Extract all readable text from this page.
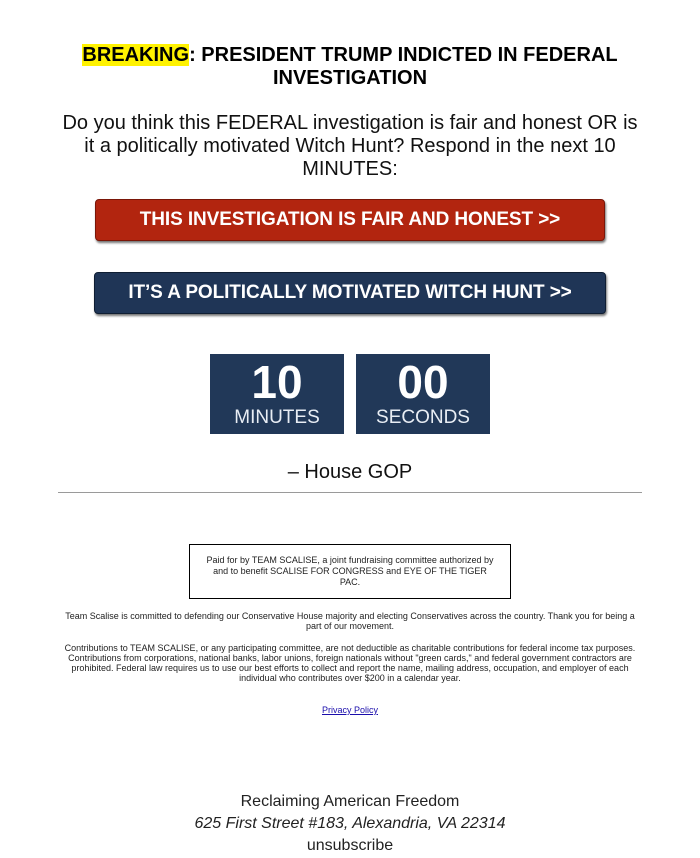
BREAKING: PRESIDENT TRUMP INDICTED IN FEDERAL INVESTIGATION
Do you think this FEDERAL investigation is fair and honest OR is it a politically motivated Witch Hunt? Respond in the next 10 MINUTES:
THIS INVESTIGATION IS FAIR AND HONEST >>
IT’S A POLITICALLY MOTIVATED WITCH HUNT >>
10
MINUTES
00
SECONDS
– House GOP
Paid for by TEAM SCALISE, a joint fundraising committee authorized by and to benefit SCALISE FOR CONGRESS and EYE OF THE TIGER PAC.
Team Scalise is committed to defending our Conservative House majority and electing Conservatives across the country. Thank you for being a part of our movement.
Contributions to TEAM SCALISE, or any participating committee, are not deductible as charitable contributions for federal income tax purposes. Contributions from corporations, national banks, labor unions, foreign nationals without "green cards," and federal government contractors are prohibited. Federal law requires us to use our best efforts to collect and report the name, mailing address, occupation, and employer of each individual who contributes over $200 in a calendar year.
Privacy Policy
Reclaiming American Freedom
625 First Street #183, Alexandria, VA 22314
unsubscribe
